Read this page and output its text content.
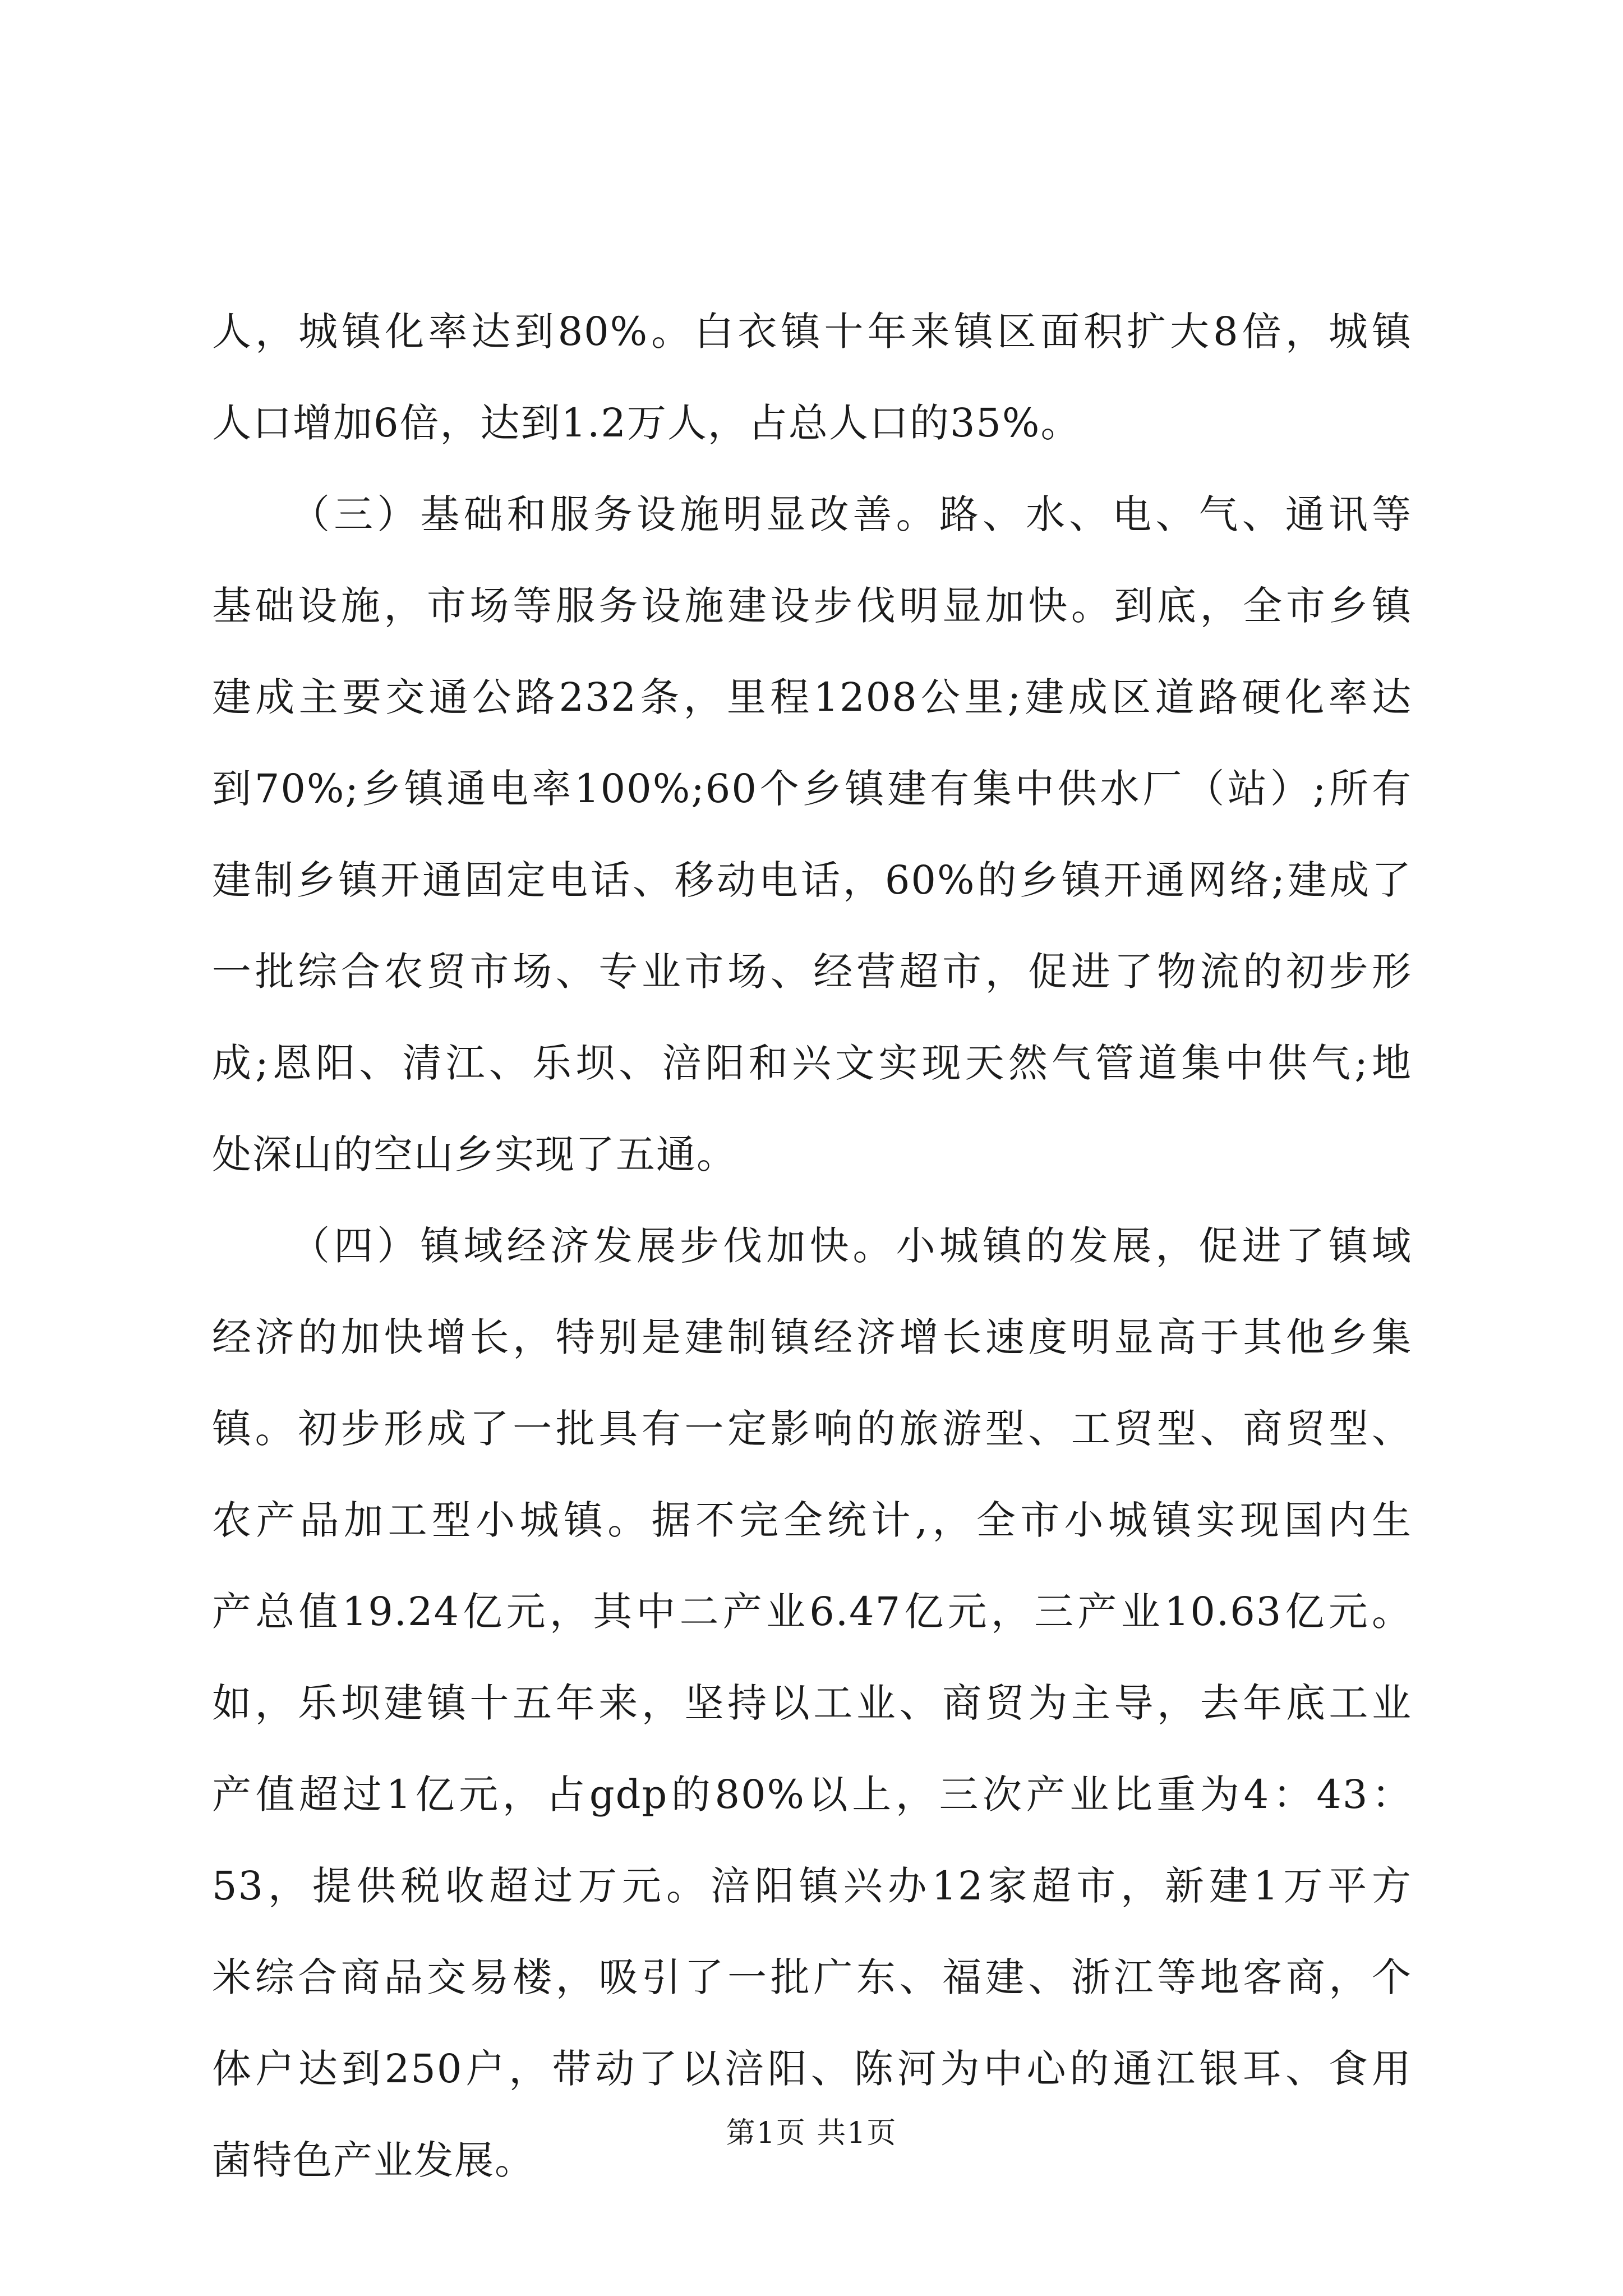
人，城镇化率达到80%。白衣镇十年来镇区面积扩大8倍，城镇
人口增加6倍，达到1.2万人，占总人口的35%。
（三）基础和服务设施明显改善。路、水、电、气、通讯等
基础设施，市场等服务设施建设步伐明显加快。到底，全市乡镇
建成主要交通公路232条，里程1208公里;建成区道路硬化率达
到70%;乡镇通电率100%;60个乡镇建有集中供水厂（站）;所有
建制乡镇开通固定电话、移动电话，60%的乡镇开通网络;建成了
一批综合农贸市场、专业市场、经营超市，促进了物流的初步形
成;恩阳、清江、乐坝、涪阳和兴文实现天然气管道集中供气;地
处深山的空山乡实现了五通。
（四）镇域经济发展步伐加快。小城镇的发展，促进了镇域
经济的加快增长，特别是建制镇经济增长速度明显高于其他乡集
镇。初步形成了一批具有一定影响的旅游型、工贸型、商贸型、
农产品加工型小城镇。据不完全统计,，全市小城镇实现国内生
产总值19.24亿元，其中二产业6.47亿元，三产业10.63亿元。
如，乐坝建镇十五年来，坚持以工业、商贸为主导，去年底工业
产值超过1亿元，占gdp的80%以上，三次产业比重为4：43：
53，提供税收超过万元。涪阳镇兴办12家超市，新建1万平方
米综合商品交易楼，吸引了一批广东、福建、浙江等地客商，个
体户达到250户，带动了以涪阳、陈河为中心的通江银耳、食用
菌特色产业发展。
第1页 共1页
